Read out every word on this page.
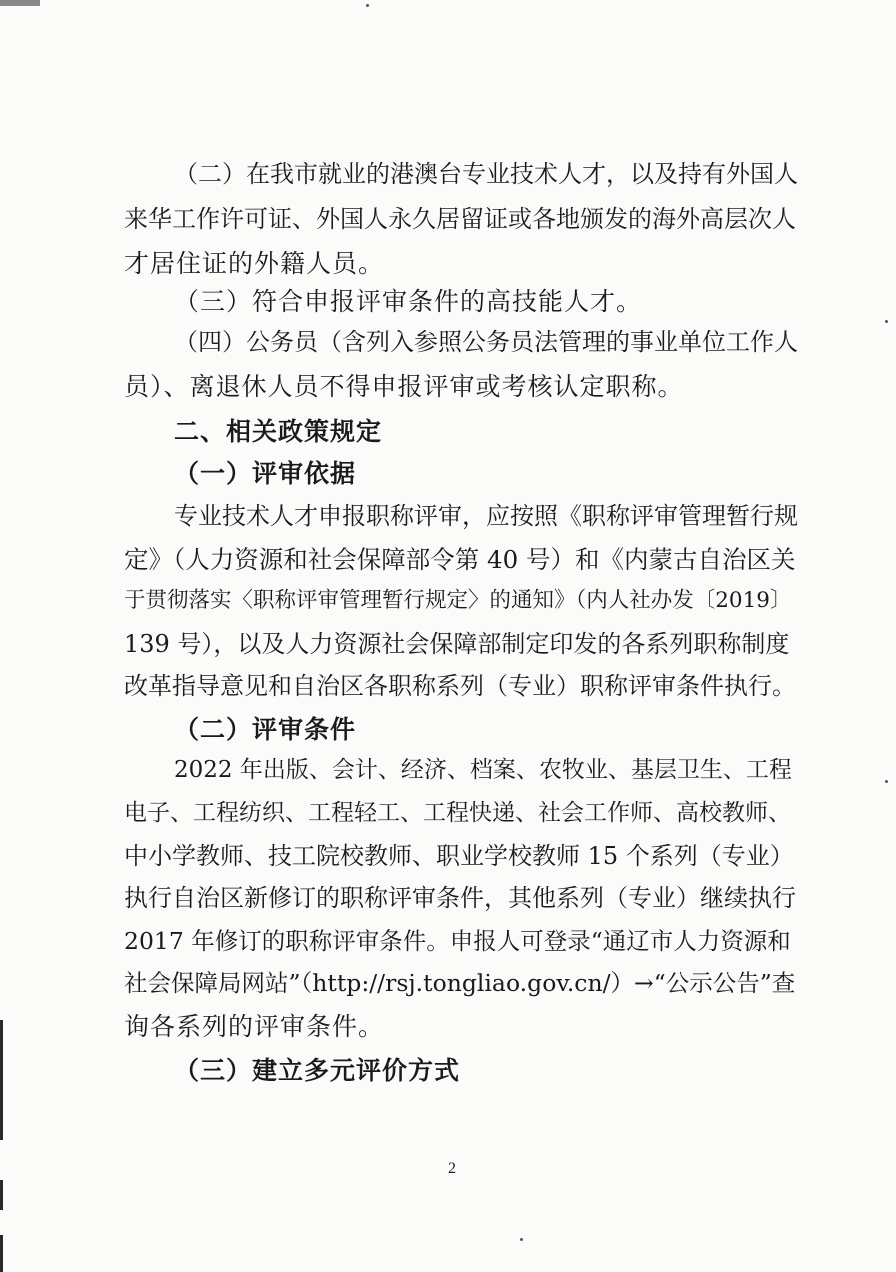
（二）在我市就业的港澳台专业技术人才，以及持有外国人
来华工作许可证、外国人永久居留证或各地颁发的海外高层次人
才居住证的外籍人员。
（三）符合申报评审条件的高技能人才。
（四）公务员（含列入参照公务员法管理的事业单位工作人
员）、离退休人员不得申报评审或考核认定职称。
二、相关政策规定
（一）评审依据
专业技术人才申报职称评审，应按照《职称评审管理暂行规
定》（人力资源和社会保障部令第 40 号）和《内蒙古自治区关
于贯彻落实〈职称评审管理暂行规定〉的通知》（内人社办发〔2019〕
139 号），以及人力资源社会保障部制定印发的各系列职称制度
改革指导意见和自治区各职称系列（专业）职称评审条件执行。
（二）评审条件
2022 年出版、会计、经济、档案、农牧业、基层卫生、工程
电子、工程纺织、工程轻工、工程快递、社会工作师、高校教师、
中小学教师、技工院校教师、职业学校教师 15 个系列（专业）
执行自治区新修订的职称评审条件，其他系列（专业）继续执行
2017 年修订的职称评审条件。申报人可登录“通辽市人力资源和
社会保障局网站”（http://rsj.tongliao.gov.cn/）→“公示公告”查
询各系列的评审条件。
（三）建立多元评价方式
2
